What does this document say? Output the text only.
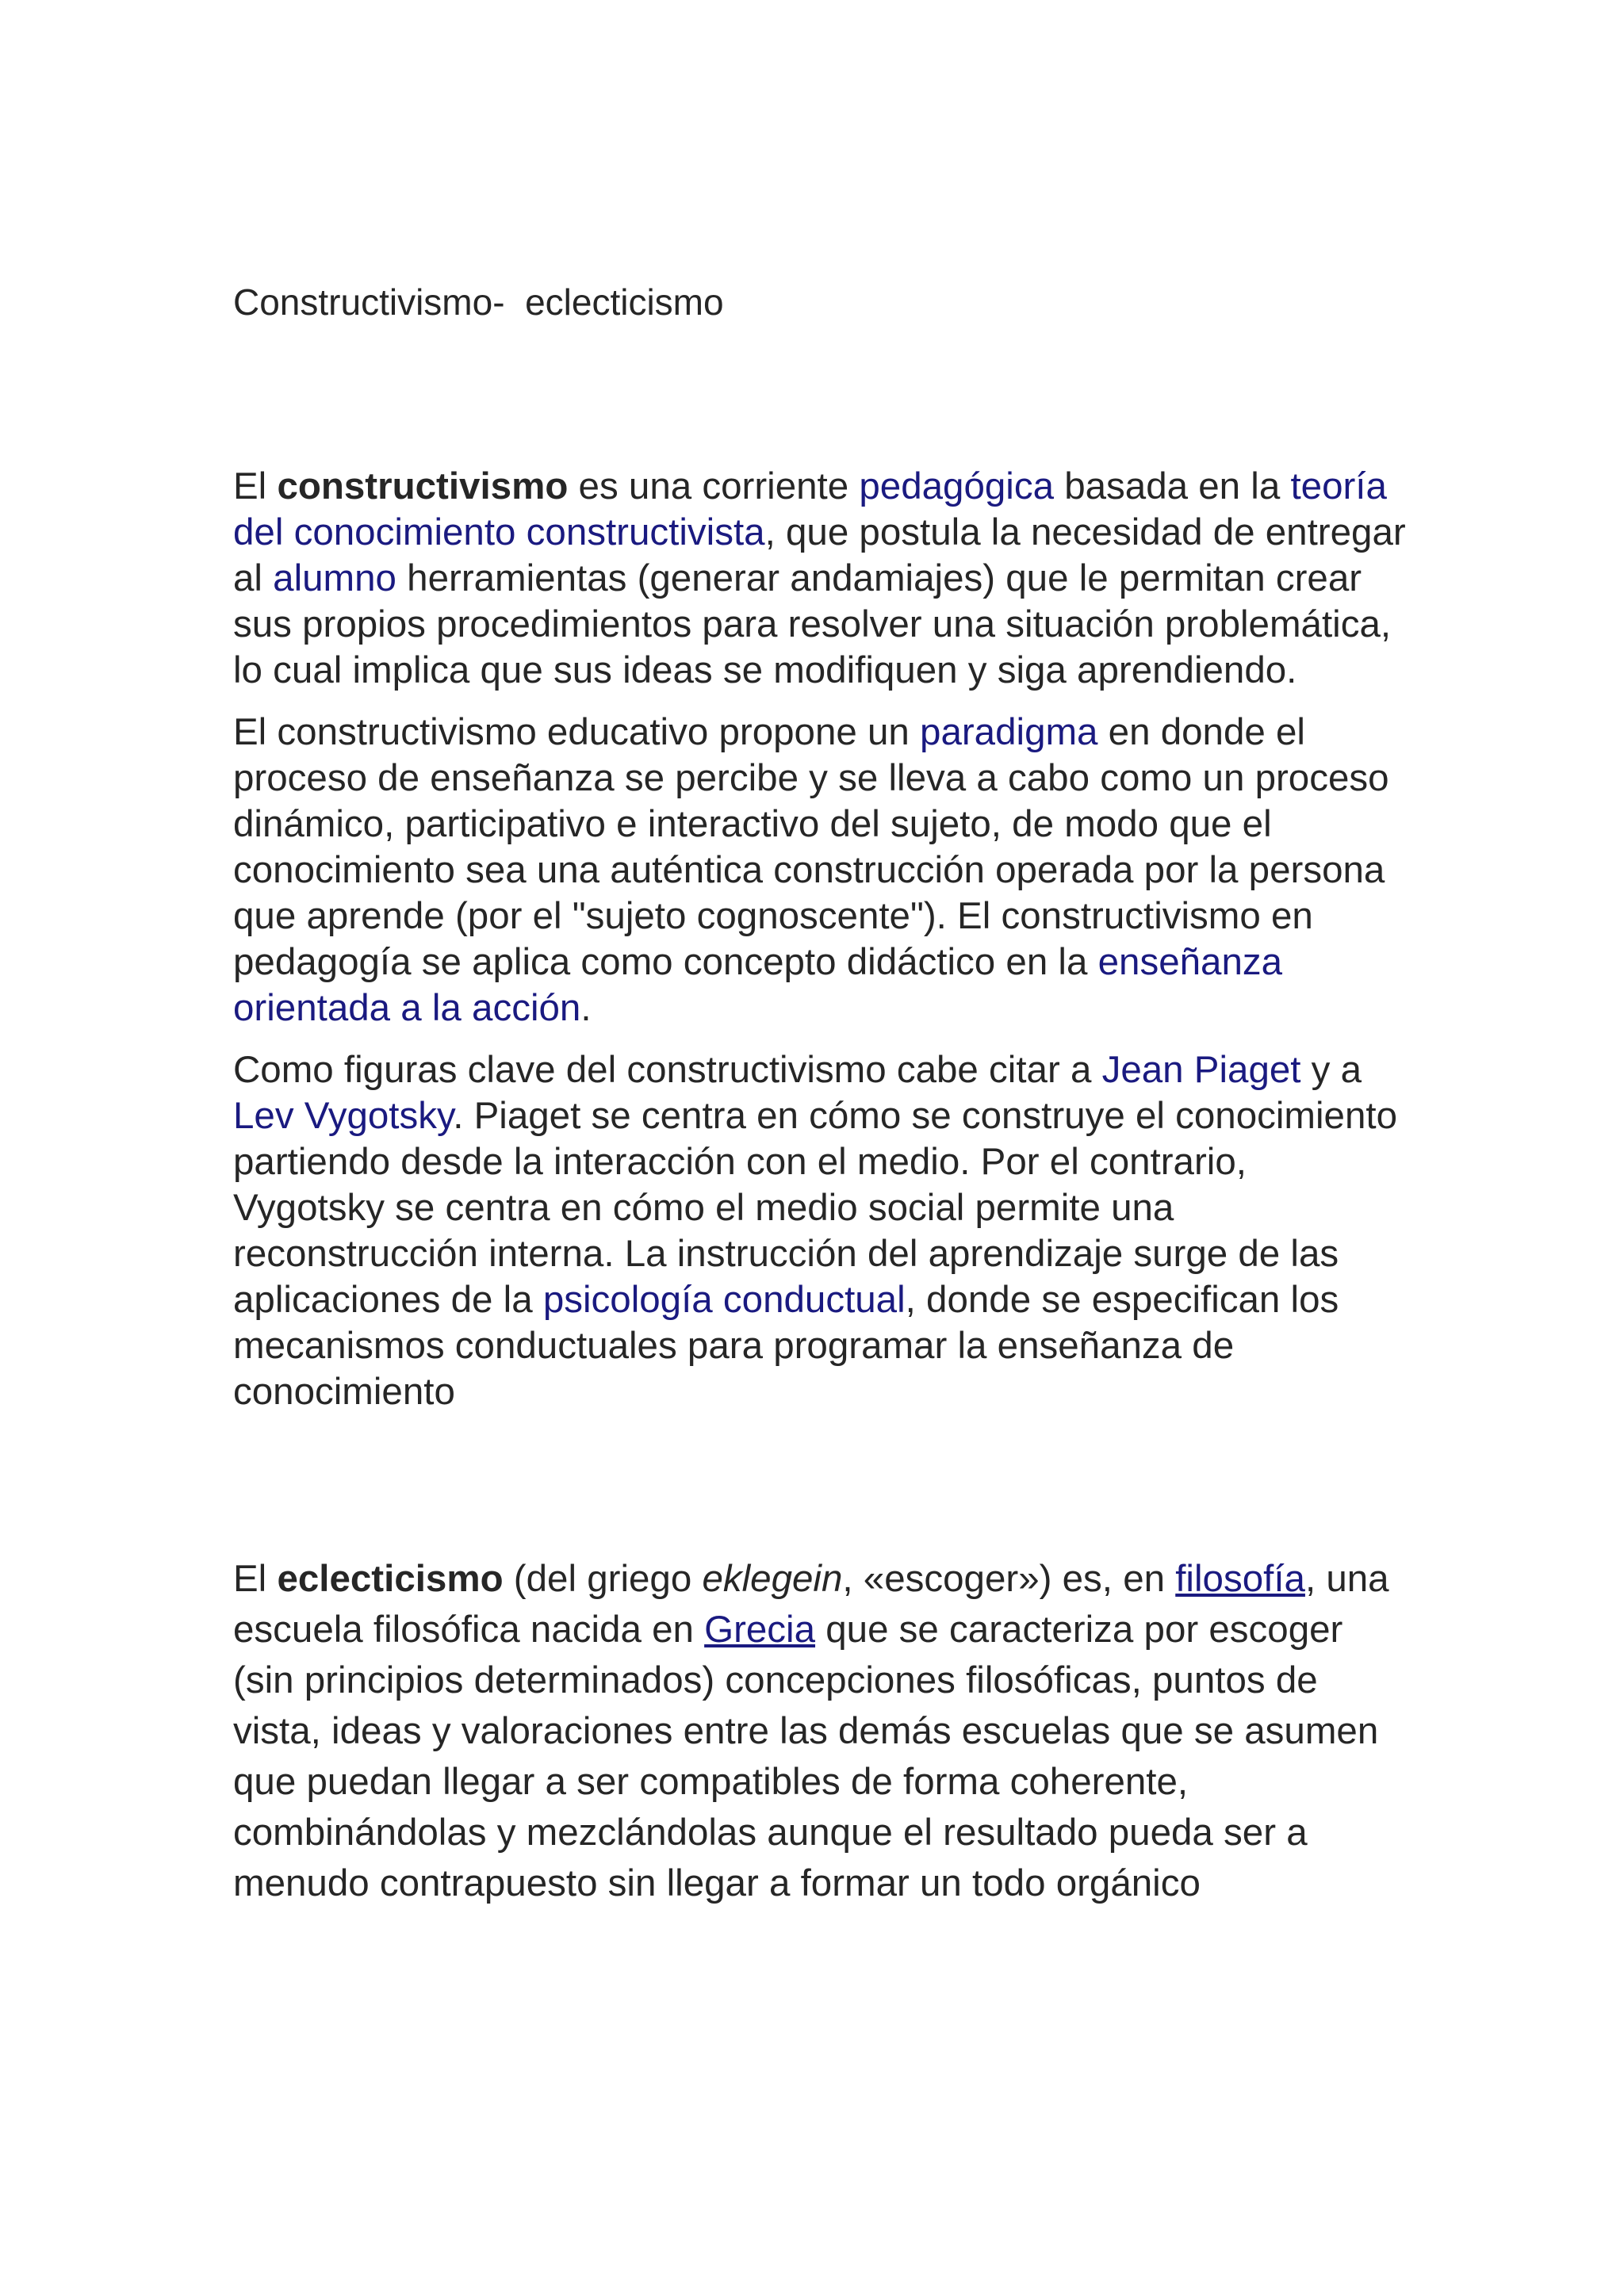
Constructivismo-  eclecticismo

El constructivismo es una corriente pedagógica basada en la teoría del conocimiento constructivista, que postula la necesidad de entregar al alumno herramientas (generar andamiajes) que le permitan crear sus propios procedimientos para resolver una situación problemática, lo cual implica que sus ideas se modifiquen y siga aprendiendo.

El constructivismo educativo propone un paradigma en donde el proceso de enseñanza se percibe y se lleva a cabo como un proceso dinámico, participativo e interactivo del sujeto, de modo que el conocimiento sea una auténtica construcción operada por la persona que aprende (por el "sujeto cognoscente"). El constructivismo en pedagogía se aplica como concepto didáctico en la enseñanza orientada a la acción.

Como figuras clave del constructivismo cabe citar a Jean Piaget y a Lev Vygotsky. Piaget se centra en cómo se construye el conocimiento partiendo desde la interacción con el medio. Por el contrario, Vygotsky se centra en cómo el medio social permite una reconstrucción interna. La instrucción del aprendizaje surge de las aplicaciones de la psicología conductual, donde se especifican los mecanismos conductuales para programar la enseñanza de conocimiento

El eclecticismo (del griego eklegein, «escoger») es, en filosofía, una escuela filosófica nacida en Grecia que se caracteriza por escoger (sin principios determinados) concepciones filosóficas, puntos de vista, ideas y valoraciones entre las demás escuelas que se asumen que puedan llegar a ser compatibles de forma coherente, combinándolas y mezclándolas aunque el resultado pueda ser a menudo contrapuesto sin llegar a formar un todo orgánico
